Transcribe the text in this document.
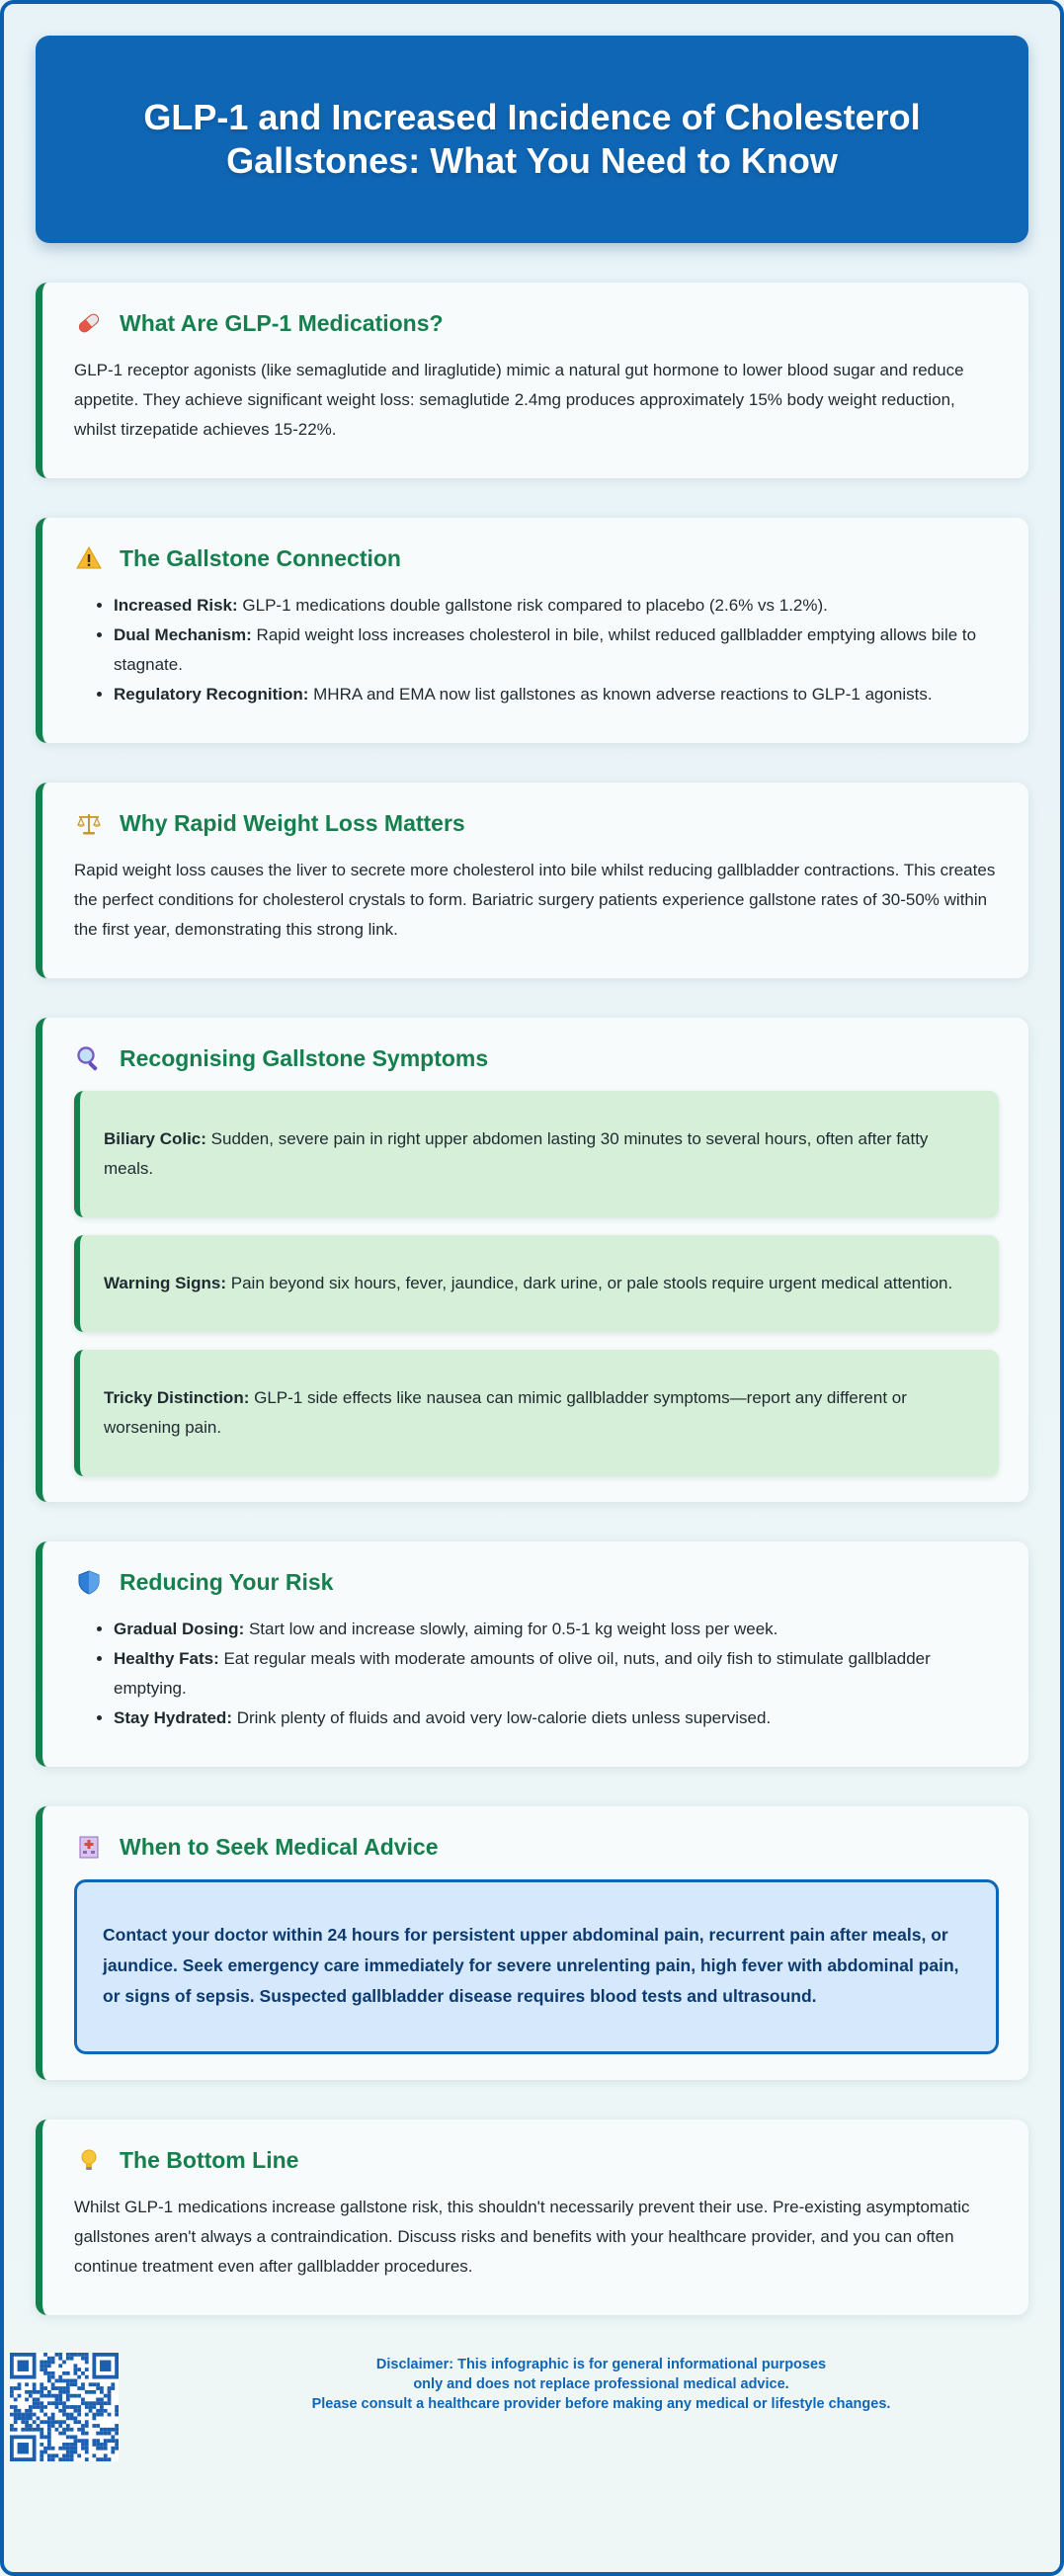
GLP-1 and Increased Incidence of Cholesterol Gallstones: What You Need to Know
What Are GLP-1 Medications?

GLP-1 receptor agonists (like semaglutide and liraglutide) mimic a natural gut hormone to lower blood sugar and reduce appetite. They achieve significant weight loss: semaglutide 2.4mg produces approximately 15% body weight reduction, whilst tirzepatide achieves 15-22%.

The Gallstone Connection
• Increased Risk: GLP-1 medications double gallstone risk compared to placebo (2.6% vs 1.2%).
• Dual Mechanism: Rapid weight loss increases cholesterol in bile, whilst reduced gallbladder emptying allows bile to stagnate.
• Regulatory Recognition: MHRA and EMA now list gallstones as known adverse reactions to GLP-1 agonists.
Why Rapid Weight Loss Matters

Rapid weight loss causes the liver to secrete more cholesterol into bile whilst reducing gallbladder contractions. This creates the perfect conditions for cholesterol crystals to form. Bariatric surgery patients experience gallstone rates of 30-50% within the first year, demonstrating this strong link.

Recognising Gallstone Symptoms

Biliary Colic: Sudden, severe pain in right upper abdomen lasting 30 minutes to several hours, often after fatty meals.

Warning Signs: Pain beyond six hours, fever, jaundice, dark urine, or pale stools require urgent medical attention.

Tricky Distinction: GLP-1 side effects like nausea can mimic gallbladder symptoms—report any different or worsening pain.

Reducing Your Risk
• Gradual Dosing: Start low and increase slowly, aiming for 0.5-1 kg weight loss per week.
• Healthy Fats: Eat regular meals with moderate amounts of olive oil, nuts, and oily fish to stimulate gallbladder emptying.
• Stay Hydrated: Drink plenty of fluids and avoid very low-calorie diets unless supervised.
When to Seek Medical Advice

Contact your doctor within 24 hours for persistent upper abdominal pain, recurrent pain after meals, or jaundice. Seek emergency care immediately for severe unrelenting pain, high fever with abdominal pain, or signs of sepsis. Suspected gallbladder disease requires blood tests and ultrasound.

The Bottom Line

Whilst GLP-1 medications increase gallstone risk, this shouldn't necessarily prevent their use. Pre-existing asymptomatic gallstones aren't always a contraindication. Discuss risks and benefits with your healthcare provider, and you can often continue treatment even after gallbladder procedures.

Disclaimer: This infographic is for general informational purposes
only and does not replace professional medical advice.
Please consult a healthcare provider before making any medical or lifestyle changes.
